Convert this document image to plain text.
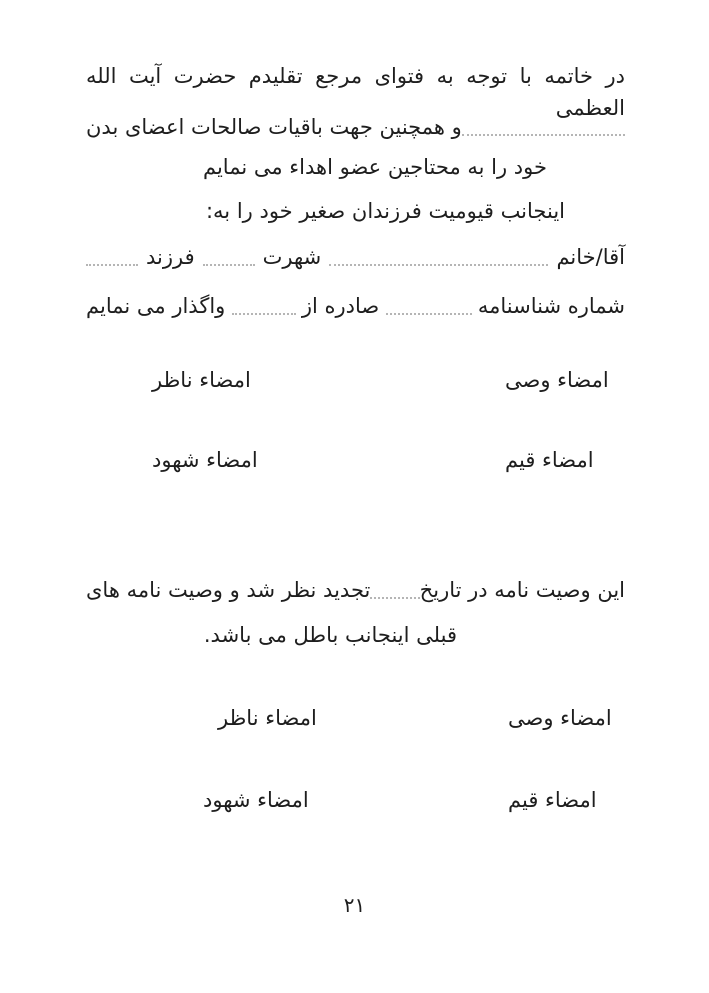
در خاتمه با توجه به فتوای مرجع تقلیدم حضرت آیت الله العظمی
و همچنین جهت باقیات صالحات اعضای بدن
خود را به محتاجین عضو اهداء می نمایم
اینجانب قیومیت فرزندان صغیر خود را به:
آقا/خانم
شهرت
فرزند
شماره شناسنامه
صادره از
واگذار می نمایم
امضاء وصی
امضاء ناظر
امضاء قیم
امضاء شهود
این وصیت نامه در تاریخ
تجدید نظر شد و وصیت نامه های
قبلی اینجانب باطل می باشد.
امضاء وصی
امضاء ناظر
امضاء قیم
امضاء شهود
۲۱
